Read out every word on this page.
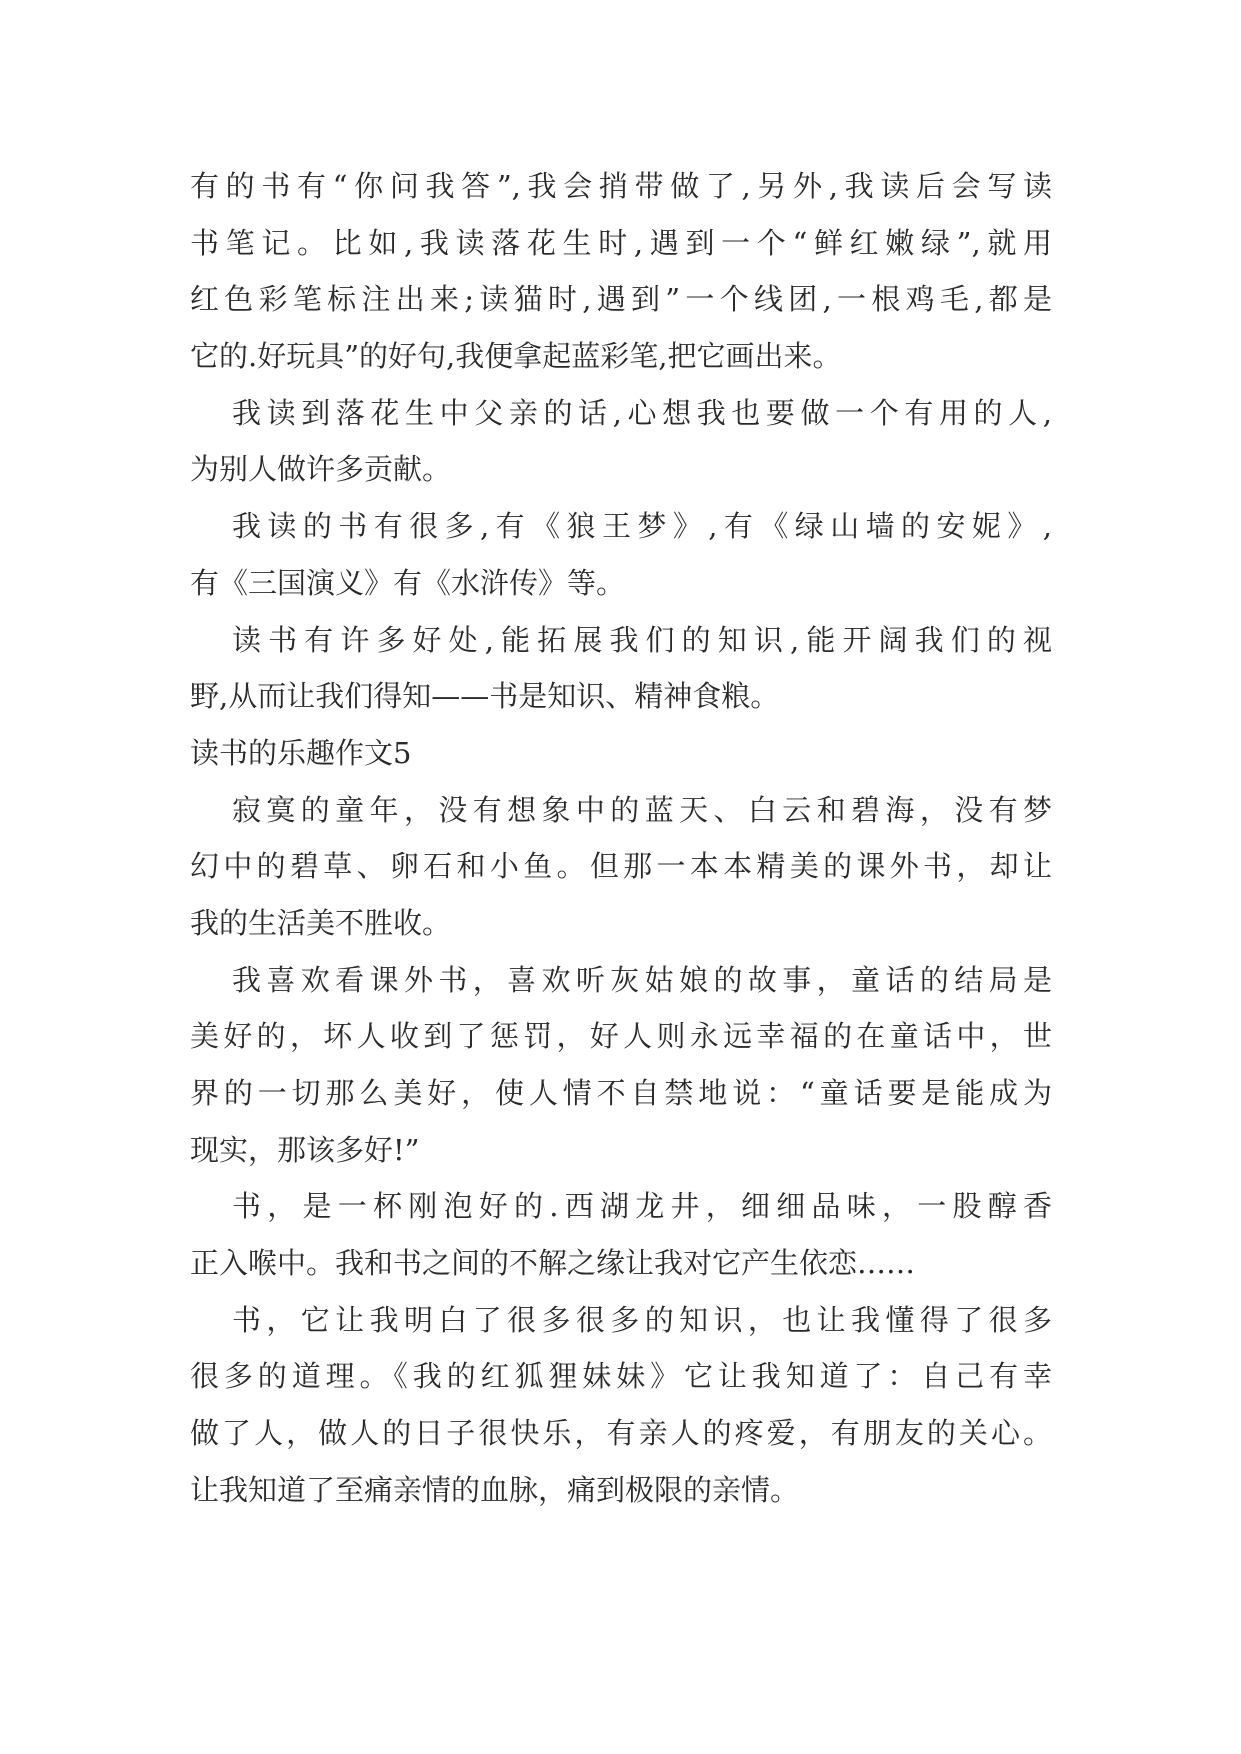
有的书有“你问我答”,我会捎带做了,另外,我读后会写读
书笔记。比如,我读落花生时,遇到一个“鲜红嫩绿”,就用
红色彩笔标注出来;读猫时,遇到”一个线团,一根鸡毛,都是
它的.好玩具”的好句,我便拿起蓝彩笔,把它画出来。
我读到落花生中父亲的话,心想我也要做一个有用的人,
为别人做许多贡献。
我读的书有很多,有《狼王梦》,有《绿山墙的安妮》,
有《三国演义》有《水浒传》等。
读书有许多好处,能拓展我们的知识,能开阔我们的视
野,从而让我们得知——书是知识、精神食粮。
读书的乐趣作文5
寂寞的童年，没有想象中的蓝天、白云和碧海，没有梦
幻中的碧草、卵石和小鱼。但那一本本精美的课外书，却让
我的生活美不胜收。
我喜欢看课外书，喜欢听灰姑娘的故事，童话的结局是
美好的，坏人收到了惩罚，好人则永远幸福的在童话中，世
界的一切那么美好，使人情不自禁地说：“童话要是能成为
现实，那该多好!”
书，是一杯刚泡好的.西湖龙井，细细品味，一股醇香
正入喉中。我和书之间的不解之缘让我对它产生依恋……
书，它让我明白了很多很多的知识，也让我懂得了很多
很多的道理。《我的红狐狸妹妹》它让我知道了：自己有幸
做了人，做人的日子很快乐，有亲人的疼爱，有朋友的关心。
让我知道了至痛亲情的血脉，痛到极限的亲情。
